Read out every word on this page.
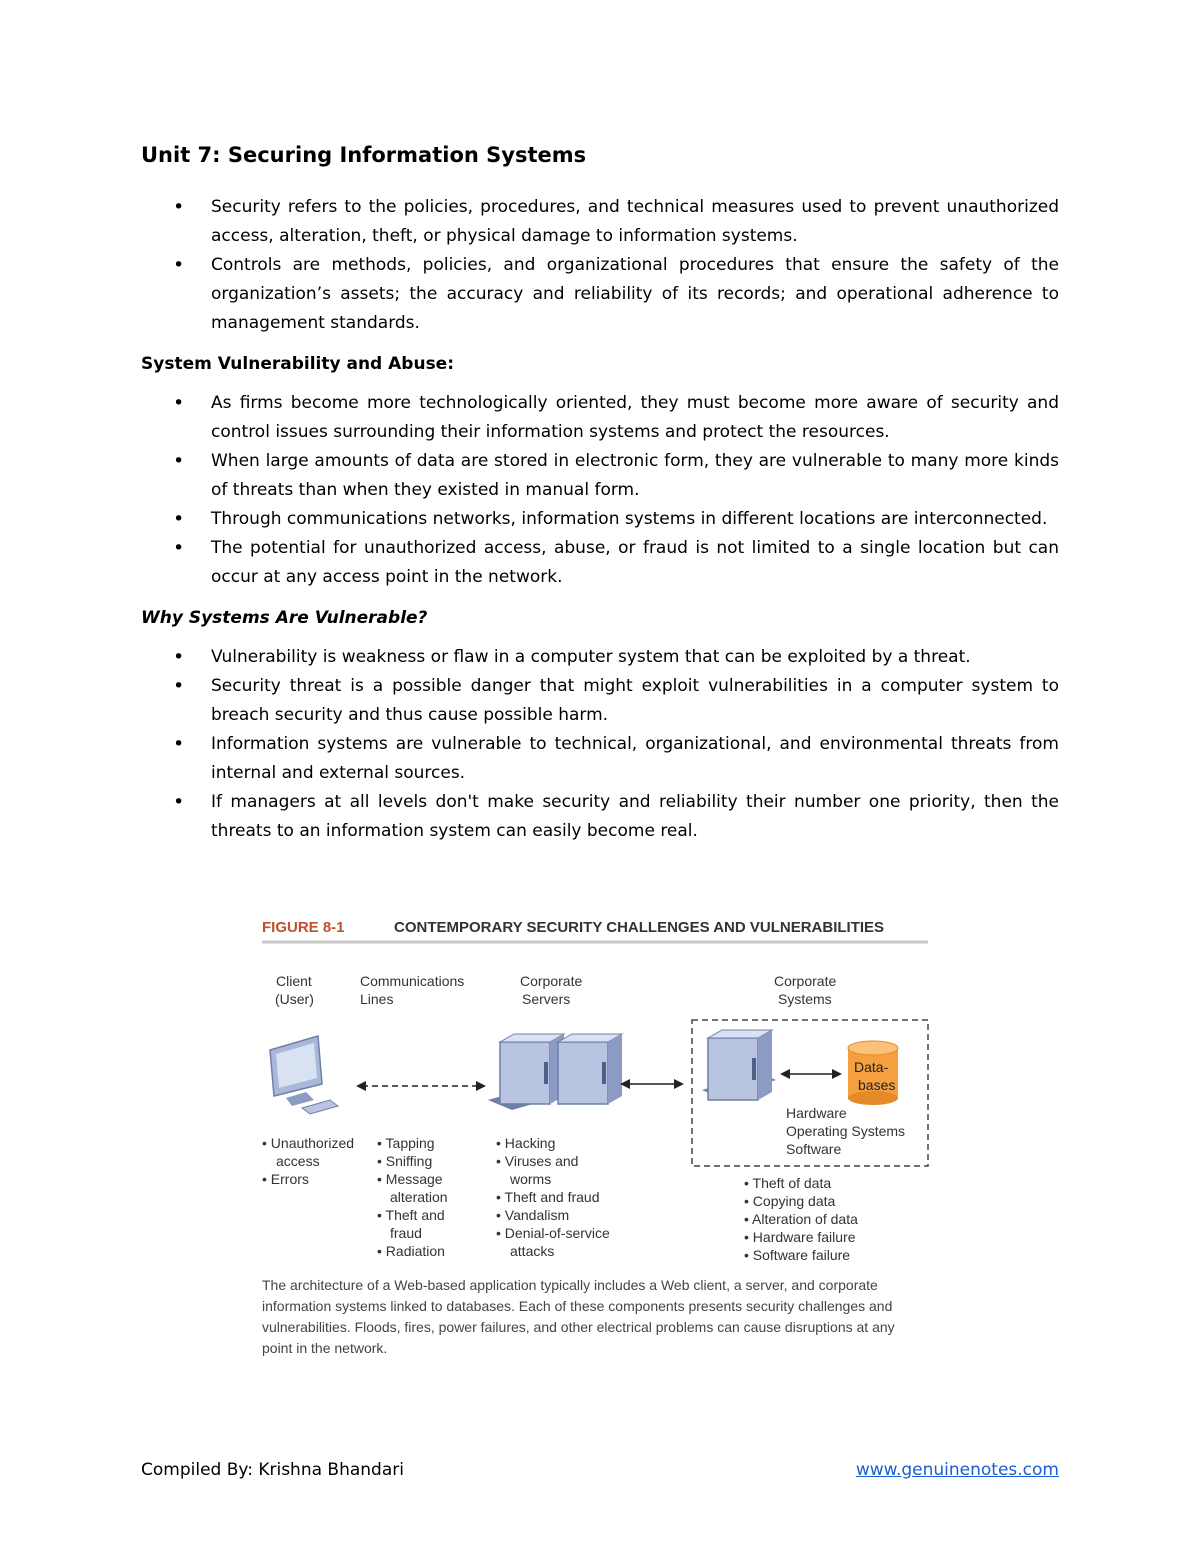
Unit 7: Securing Information Systems
• Security refers to the policies, procedures, and technical measures used to prevent unauthorized access, alteration, theft, or physical damage to information systems.
• Controls are methods, policies, and organizational procedures that ensure the safety of the organization’s assets; the accuracy and reliability of its records; and operational adherence to management standards.
System Vulnerability and Abuse:
• As firms become more technologically oriented, they must become more aware of security and control issues surrounding their information systems and protect the resources.
• When large amounts of data are stored in electronic form, they are vulnerable to many more kinds of threats than when they existed in manual form.
• Through communications networks, information systems in different locations are interconnected.
• The potential for unauthorized access, abuse, or fraud is not limited to a single location but can occur at any access point in the network.
Why Systems Are Vulnerable?
• Vulnerability is weakness or flaw in a computer system that can be exploited by a threat.
• Security threat is a possible danger that might exploit vulnerabilities in a computer system to breach security and thus cause possible harm.
• Information systems are vulnerable to technical, organizational, and environmental threats from internal and external sources.
• If managers at all levels don't make security and reliability their number one priority, then the threats to an information system can easily become real.
FIGURE 8-1	CONTEMPORARY SECURITY CHALLENGES AND VULNERABILITIES
Client
(User)
Communications
Lines
Corporate
Servers
Corporate
Systems
Data-
bases
Hardware
Operating Systems
Software
• Unauthorized
access
• Errors
• Tapping
• Sniffing
• Message
alteration
• Theft and
fraud
• Radiation
• Hacking
• Viruses and
worms
• Theft and fraud
• Vandalism
• Denial-of-service
attacks
• Theft of data
• Copying data
• Alteration of data
• Hardware failure
• Software failure
The architecture of a Web-based application typically includes a Web client, a server, and corporate
information systems linked to databases. Each of these components presents security challenges and
vulnerabilities. Floods, fires, power failures, and other electrical problems can cause disruptions at any
point in the network.
Compiled By: Krishna Bhandari	www.genuinenotes.com
